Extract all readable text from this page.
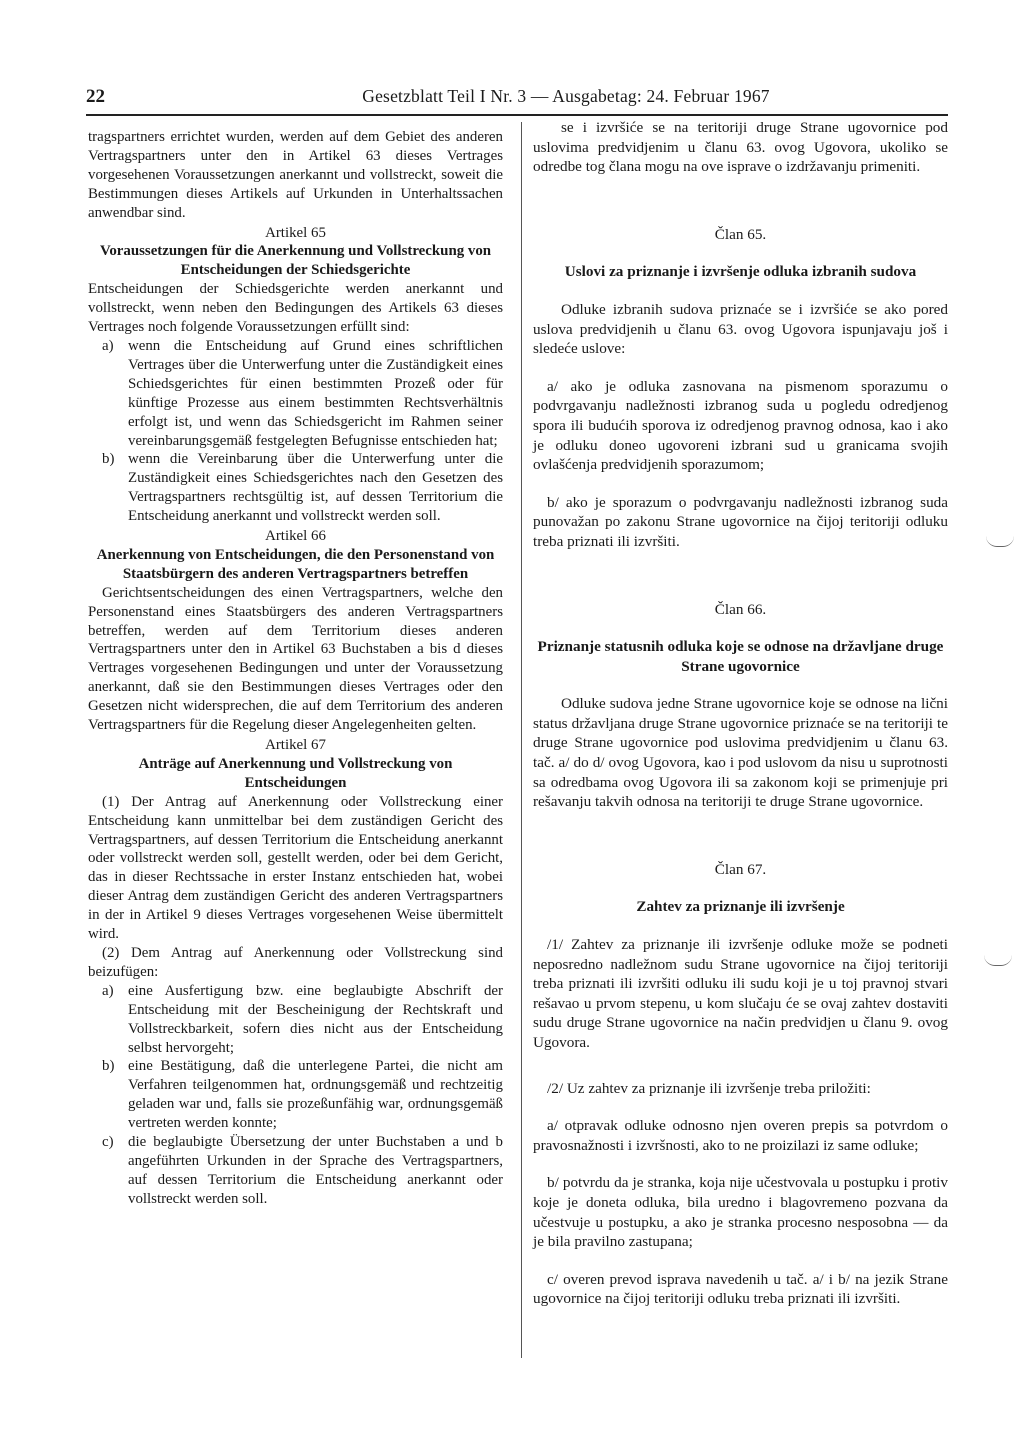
22	Gesetzblatt Teil I Nr. 3 — Ausgabetag: 24. Februar 1967

tragspartners errichtet wurden, werden auf dem Gebiet des anderen Vertragspartners unter den in Artikel 63 dieses Vertrages vorgesehenen Voraussetzungen anerkannt und vollstreckt, soweit die Bestimmungen dieses Artikels auf Urkunden in Unterhaltssachen anwendbar sind.

Artikel 65

Voraussetzungen für die Anerkennung und Vollstreckung von Entscheidungen der Schiedsgerichte

Entscheidungen der Schiedsgerichte werden anerkannt und vollstreckt, wenn neben den Bedingungen des Artikels 63 dieses Vertrages noch folgende Voraussetzungen erfüllt sind:

a) wenn die Entscheidung auf Grund eines schriftlichen Vertrages über die Unterwerfung unter die Zuständigkeit eines Schiedsgerichtes für einen bestimmten Prozeß oder für künftige Prozesse aus einem bestimmten Rechtsverhältnis erfolgt ist, und wenn das Schiedsgericht im Rahmen seiner vereinbarungsgemäß festgelegten Befugnisse entschieden hat;
b) wenn die Vereinbarung über die Unterwerfung unter die Zuständigkeit eines Schiedsgerichtes nach den Gesetzen des Vertragspartners rechtsgültig ist, auf dessen Territorium die Entscheidung anerkannt und vollstreckt werden soll.

Artikel 66

Anerkennung von Entscheidungen, die den Personenstand von Staatsbürgern des anderen Vertragspartners betreffen

Gerichtsentscheidungen des einen Vertragspartners, welche den Personenstand eines Staatsbürgers des anderen Vertragspartners betreffen, werden auf dem Territorium dieses anderen Vertragspartners unter den in Artikel 63 Buchstaben a bis d dieses Vertrages vorgesehenen Bedingungen und unter der Voraussetzung anerkannt, daß sie den Bestimmungen dieses Vertrages oder den Gesetzen nicht widersprechen, die auf dem Territorium des anderen Vertragspartners für die Regelung dieser Angelegenheiten gelten.

Artikel 67

Anträge auf Anerkennung und Vollstreckung von Entscheidungen

(1) Der Antrag auf Anerkennung oder Vollstreckung einer Entscheidung kann unmittelbar bei dem zuständigen Gericht des Vertragspartners, auf dessen Territorium die Entscheidung anerkannt oder vollstreckt werden soll, gestellt werden, oder bei dem Gericht, das in dieser Rechtssache in erster Instanz entschieden hat, wobei dieser Antrag dem zuständigen Gericht des anderen Vertragspartners in der in Artikel 9 dieses Vertrages vorgesehenen Weise übermittelt wird.

(2) Dem Antrag auf Anerkennung oder Vollstreckung sind beizufügen:

a) eine Ausfertigung bzw. eine beglaubigte Abschrift der Entscheidung mit der Bescheinigung der Rechtskraft und Vollstreckbarkeit, sofern dies nicht aus der Entscheidung selbst hervorgeht;
b) eine Bestätigung, daß die unterlegene Partei, die nicht am Verfahren teilgenommen hat, ordnungsgemäß und rechtzeitig geladen war und, falls sie prozeßunfähig war, ordnungsgemäß vertreten werden konnte;
c) die beglaubigte Übersetzung der unter Buchstaben a und b angeführten Urkunden in der Sprache des Vertragspartners, auf dessen Territorium die Entscheidung anerkannt oder vollstreckt werden soll.

se i izvršiće se na teritoriji druge Strane ugovornice pod uslovima predvidjenim u članu 63. ovog Ugovora, ukoliko se odredbe tog člana mogu na ove isprave o izdržavanju primeniti.

Član 65.

Uslovi za priznanje i izvršenje odluka izbranih sudova

Odluke izbranih sudova priznaće se i izvršiće se ako pored uslova predvidjenih u članu 63. ovog Ugovora ispunjavaju još i sledeće uslove:

a/ ako je odluka zasnovana na pismenom sporazumu o podvrgavanju nadležnosti izbranog suda u pogledu odredjenog spora ili budućih sporova iz odredjenog pravnog odnosa, kao i ako je odluku doneo ugovoreni izbrani sud u granicama svojih ovlašćenja predvidjenih sporazumom;

b/ ako je sporazum o podvrgavanju nadležnosti izbranog suda punovažan po zakonu Strane ugovornice na čijoj teritoriji odluku treba priznati ili izvršiti.

Član 66.

Priznanje statusnih odluka koje se odnose na državljane druge Strane ugovornice

Odluke sudova jedne Strane ugovornice koje se odnose na lični status državljana druge Strane ugovornice priznaće se na teritoriji te druge Strane ugovornice pod uslovima predvidjenim u članu 63. tač. a/ do d/ ovog Ugovora, kao i pod uslovom da nisu u suprotnosti sa odredbama ovog Ugovora ili sa zakonom koji se primenjuje pri rešavanju takvih odnosa na teritoriji te druge Strane ugovornice.

Član 67.

Zahtev za priznanje ili izvršenje

/1/ Zahtev za priznanje ili izvršenje odluke može se podneti neposredno nadležnom sudu Strane ugovornice na čijoj teritoriji treba priznati ili izvršiti odluku ili sudu koji je u toj pravnoj stvari rešavao u prvom stepenu, u kom slučaju će se ovaj zahtev dostaviti sudu druge Strane ugovornice na način predvidjen u članu 9. ovog Ugovora.

/2/ Uz zahtev za priznanje ili izvršenje treba priložiti:

a/ otpravak odluke odnosno njen overen prepis sa potvrdom o pravosnažnosti i izvršnosti, ako to ne proizilazi iz same odluke;

b/ potvrdu da je stranka, koja nije učestvovala u postupku i protiv koje je doneta odluka, bila uredno i blagovremeno pozvana da učestvuje u postupku, a ako je stranka procesno nesposobna — da je bila pravilno zastupana;

c/ overen prevod isprava navedenih u tač. a/ i b/ na jezik Strane ugovornice na čijoj teritoriji odluku treba priznati ili izvršiti.
